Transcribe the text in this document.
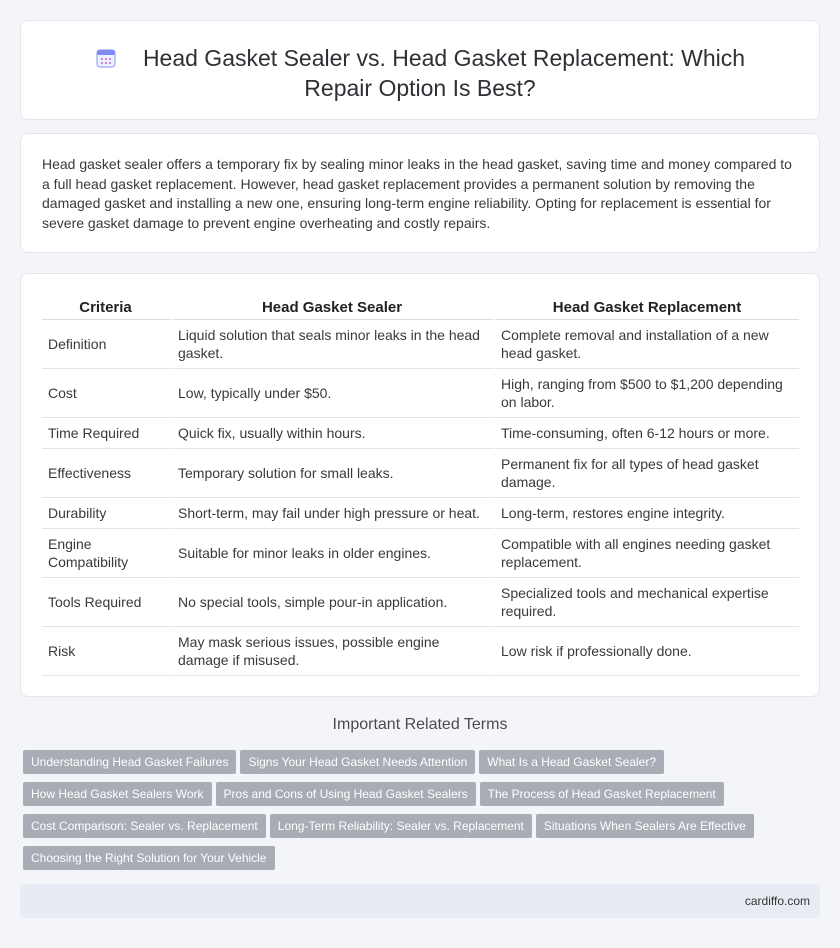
Head Gasket Sealer vs. Head Gasket Replacement: Which Repair Option Is Best?

Head gasket sealer offers a temporary fix by sealing minor leaks in the head gasket, saving time and money compared to a full head gasket replacement. However, head gasket replacement provides a permanent solution by removing the damaged gasket and installing a new one, ensuring long-term engine reliability. Opting for replacement is essential for severe gasket damage to prevent engine overheating and costly repairs.

Criteria	Head Gasket Sealer	Head Gasket Replacement
Definition	Liquid solution that seals minor leaks in the head gasket.	Complete removal and installation of a new head gasket.
Cost	Low, typically under $50.	High, ranging from $500 to $1,200 depending on labor.
Time Required	Quick fix, usually within hours.	Time-consuming, often 6-12 hours or more.
Effectiveness	Temporary solution for small leaks.	Permanent fix for all types of head gasket damage.
Durability	Short-term, may fail under high pressure or heat.	Long-term, restores engine integrity.
Engine Compatibility	Suitable for minor leaks in older engines.	Compatible with all engines needing gasket replacement.
Tools Required	No special tools, simple pour-in application.	Specialized tools and mechanical expertise required.
Risk	May mask serious issues, possible engine damage if misused.	Low risk if professionally done.
Important Related Terms
Understanding Head Gasket Failures Signs Your Head Gasket Needs Attention What Is a Head Gasket Sealer?
How Head Gasket Sealers Work Pros and Cons of Using Head Gasket Sealers The Process of Head Gasket Replacement
Cost Comparison: Sealer vs. Replacement Long-Term Reliability: Sealer vs. Replacement Situations When Sealers Are Effective
Choosing the Right Solution for Your Vehicle
cardiffo.com
